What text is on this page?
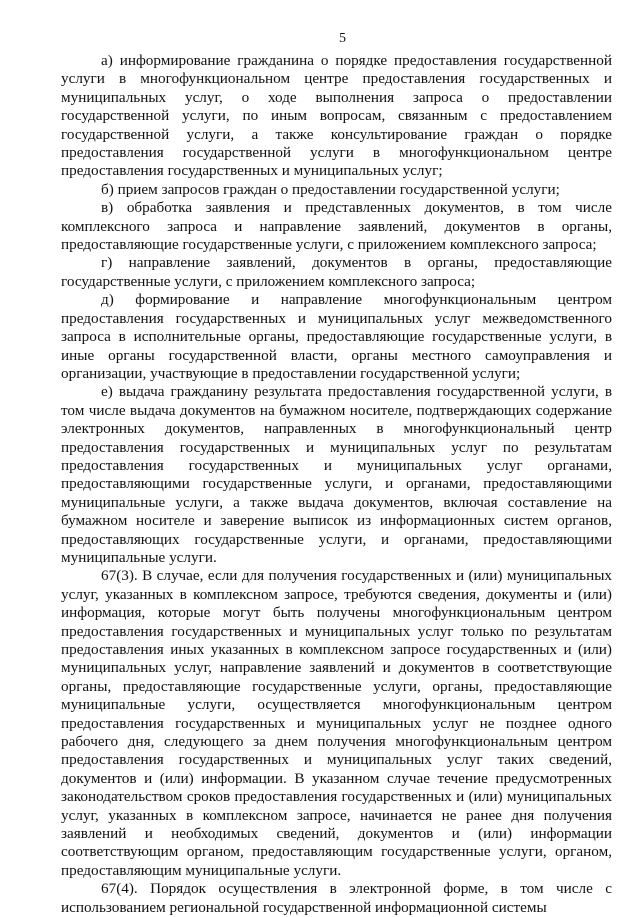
5

а) информирование гражданина о порядке предоставления государственной услуги в многофункциональном центре предоставления государственных и муниципальных услуг, о ходе выполнения запроса о предоставлении государственной услуги, по иным вопросам, связанным с предоставлением государственной услуги, а также консультирование граждан о порядке предоставления государственной услуги в многофункциональном центре предоставления государственных и муниципальных услуг;

б) прием запросов граждан о предоставлении государственной услуги;

в) обработка заявления и представленных документов, в том числе комплексного запроса и направление заявлений, документов в органы, предоставляющие государственные услуги, с приложением комплексного запроса;

г) направление заявлений, документов в органы, предоставляющие государственные услуги, с приложением комплексного запроса;

д) формирование и направление многофункциональным центром предоставления государственных и муниципальных услуг межведомственного запроса в исполнительные органы, предоставляющие государственные услуги, в иные органы государственной власти, органы местного самоуправления и организации, участвующие в предоставлении государственной услуги;

е) выдача гражданину результата предоставления государственной услуги, в том числе выдача документов на бумажном носителе, подтверждающих содержание электронных документов, направленных в многофункциональный центр предоставления государственных и муниципальных услуг по результатам предоставления государственных и муниципальных услуг органами, предоставляющими государственные услуги, и органами, предоставляющими муниципальные услуги, а также выдача документов, включая составление на бумажном носителе и заверение выписок из информационных систем органов, предоставляющих государственные услуги, и органами, предоставляющими муниципальные услуги.

67(3). В случае, если для получения государственных и (или) муниципальных услуг, указанных в комплексном запросе, требуются сведения, документы и (или) информация, которые могут быть получены многофункциональным центром предоставления государственных и муниципальных услуг только по результатам предоставления иных указанных в комплексном запросе государственных и (или) муниципальных услуг, направление заявлений и документов в соответствующие органы, предоставляющие государственные услуги, органы, предоставляющие муниципальные услуги, осуществляется многофункциональным центром предоставления государственных и муниципальных услуг не позднее одного рабочего дня, следующего за днем получения многофункциональным центром предоставления государственных и муниципальных услуг таких сведений, документов и (или) информации. В указанном случае течение предусмотренных законодательством сроков предоставления государственных и (или) муниципальных услуг, указанных в комплексном запросе, начинается не ранее дня получения заявлений и необходимых сведений, документов и (или) информации соответствующим органом, предоставляющим государственные услуги, органом, предоставляющим муниципальные услуги.

67(4). Порядок осуществления в электронной форме, в том числе с использованием региональной государственной информационной системы
